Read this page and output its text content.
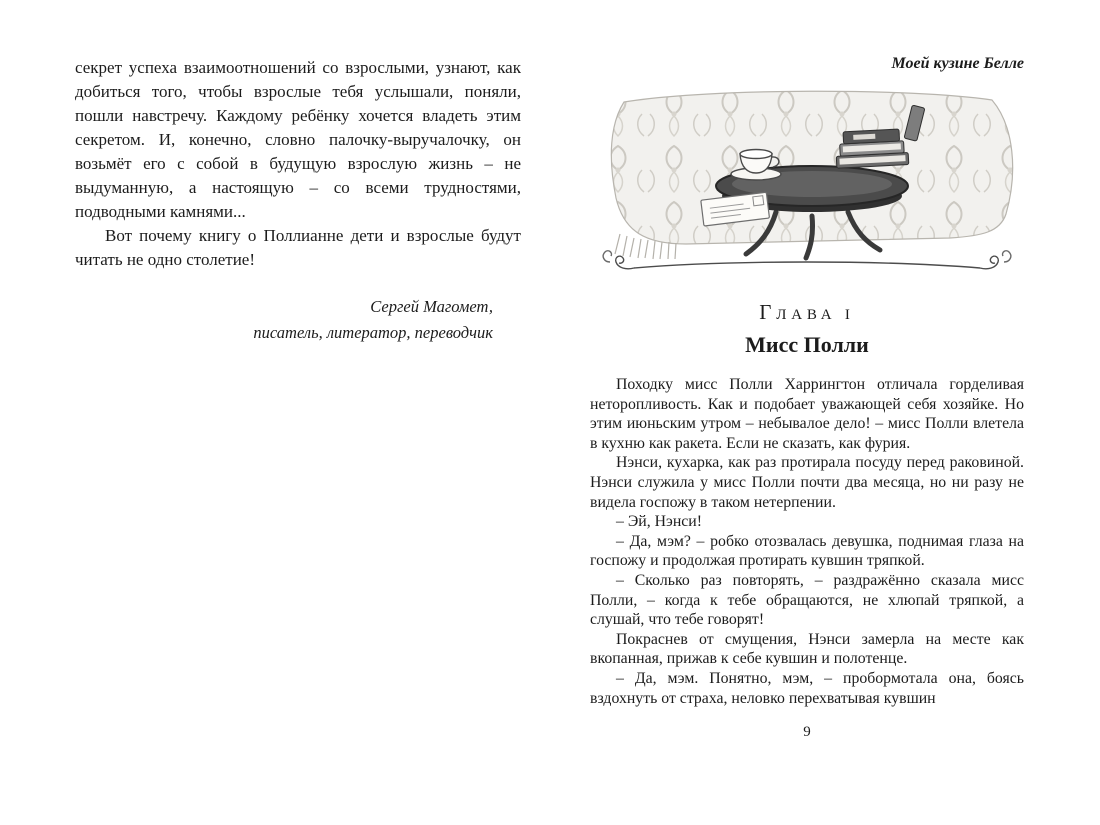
секрет успеха взаимоотношений со взрослыми, узнают, как добиться того, чтобы взрослые тебя услышали, поняли, пошли навстречу. Каждому ребёнку хочется владеть этим секретом. И, конечно, словно палочку-выручалочку, он возьмёт его с собой в будущую взрослую жизнь – не выдуманную, а настоящую – со всеми трудностями, подводными камнями...

Вот почему книгу о Поллианне дети и взрослые будут читать не одно столетие!

Сергей Магомет,
писатель, литератор, переводчик
Моей кузине Белле
ГЛАВА I
Мисс Полли

Походку мисс Полли Харрингтон отличала горделивая неторопливость. Как и подобает уважающей себя хозяйке. Но этим июньским утром – небывалое дело! – мисс Полли влетела в кухню как ракета. Если не сказать, как фурия.

Нэнси, кухарка, как раз протирала посуду перед раковиной. Нэнси служила у мисс Полли почти два месяца, но ни разу не видела госпожу в таком нетерпении.

– Эй, Нэнси!

– Да, мэм? – робко отозвалась девушка, поднимая глаза на госпожу и продолжая протирать кувшин тряпкой.

– Сколько раз повторять, – раздражённо сказала мисс Полли, – когда к тебе обращаются, не хлюпай тряпкой, а слушай, что тебе говорят!

Покраснев от смущения, Нэнси замерла на месте как вкопанная, прижав к себе кувшин и полотенце.

– Да, мэм. Понятно, мэм, – пробормотала она, боясь вздохнуть от страха, неловко перехватывая кувшин

9
